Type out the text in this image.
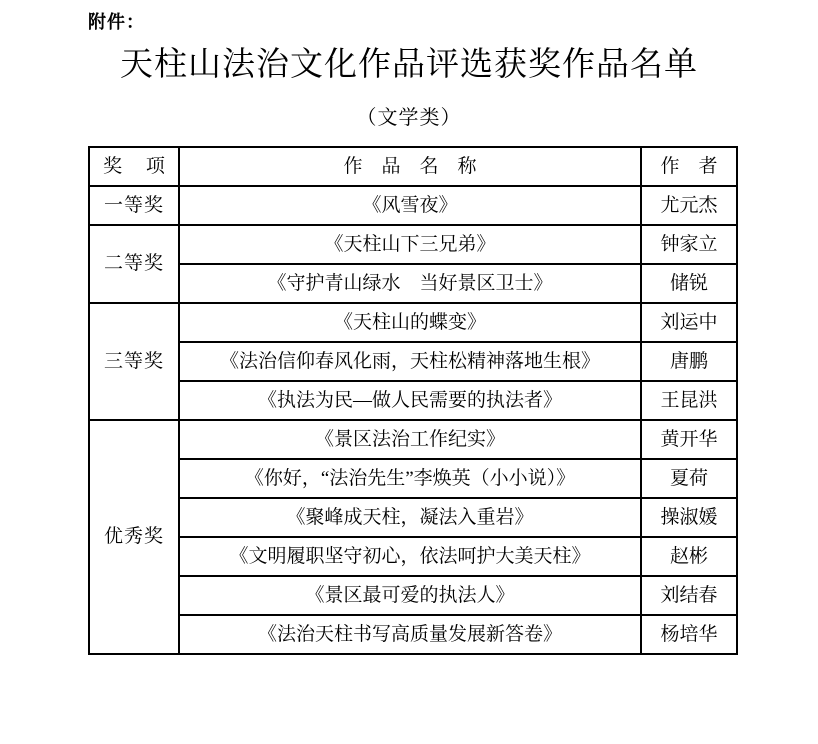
附件：
天柱山法治文化作品评选获奖作品名单
（文学类）
奖　 项	作　品　名　称	作　者
一等奖	《风雪夜》	尤元杰
二等奖	《天柱山下三兄弟》	钟家立
	《守护青山绿水　当好景区卫士》	储锐
三等奖	《天柱山的蝶变》	刘运中
	《法治信仰春风化雨，天柱松精神落地生根》	唐鹏
	《执法为民—做人民需要的执法者》	王昆洪
优秀奖	《景区法治工作纪实》	黄开华
	《你好，“法治先生”李焕英（小小说）》	夏荷
	《聚峰成天柱，凝法入重岩》	操淑媛
	《文明履职坚守初心，依法呵护大美天柱》	赵彬
	《景区最可爱的执法人》	刘结春
	《法治天柱书写高质量发展新答卷》	杨培华
